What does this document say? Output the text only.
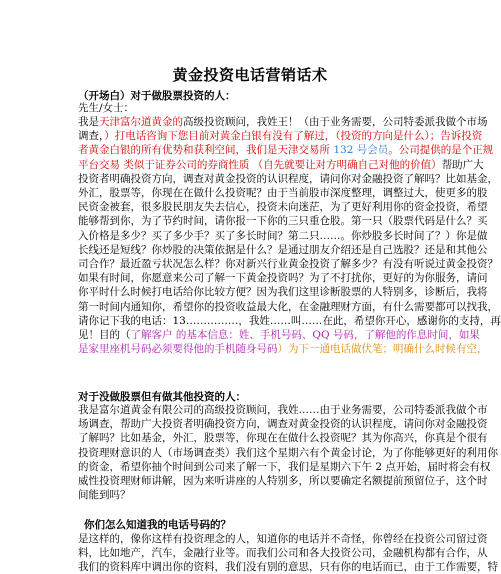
黄金投资电话营销话术
（开场白）对于做股票投资的人：
先生/女士：
我是天津富尔道黄金的高级投资顾问，我姓王！（由于业务需要，公司特委派我做个市场
调查，）打电话咨询下您目前对黄金白银有没有了解过，（投资的方向是什么）；告诉投资
者黄金白银的所有优势和获利空间，我们是天津交易所 132 号会员。公司提供的是个正规
平台交易 类似于证券公司的券商性质 （自先就要让对方明确自己对他的价值）帮助广大
投资者明确投资方向，调查对黄金投资的认识程度，请问你对金融投资了解吗？比如基金，
外汇，股票等，你现在在做什么投资呢？由于当前股市深度整理，调整过大，使更多的股
民资金被套，很多股民朋友失去信心，投资未向迷茫，为了更好利用你的资金投资，希望
能够帮到你，为了节约时间，请你报一下你的三只重仓股。第一只（股票代码是什么？买
入价格是多少？买了多少手？买了多长时间？第二只……。你炒股多长时间了？）你是做
长线还是短线？你炒股的决策依据是什么？是通过朋友介绍还是自己选股？还是和其他公
司合作？最近盈亏状况怎么样？你对新兴行业黄金投资了解多少？有没有听说过黄金投资？
如果有时间，你愿意来公司了解一下黄金投资吗？为了不打扰你，更好的为你服务，请问
你平时什么时候打电话给你比较方便？因为我们这里诊断股票的人特别多，诊断后，我将
第一时间内通知你，希望你的投资收益最大化，在金融理财方面，有什么需要都可以找我，
请你记下我的电话：13……………，我姓……叫……在此，希望你开心，感谢你的支持，再
见！目的（了解客户 的基本信息：姓、手机号码、QQ 号码，了解他的作息时间，如果
是家里座机号码必须要得他的手机随身号码）为下一通电话做伏笔；明确什么时候有空，
对于没做股票但有做其他投资的人：
我是富尔道黄金有限公司的高级投资顾问，我姓……由于业务需要，公司特委派我做个市
场调查，帮助广大投资者明确投资方向，调查对黄金投资的认识程度，请问你对金融投资
了解吗？比如基金，外汇，股票等，你现在在做什么投资呢？其为你高兴，你真是个很有
投资理财意识的人（市场调查类）我们这个星期六有个黄金讨论，为了你能够更好的利用你
的资金，希望你抽个时间到公司来了解一下，我们是星期六下午 2 点开始，届时将会有权
威性投资理财师讲解，因为来听讲座的人特别多，所以要确定名额提前预留位子，这个时
间能到吗？
你们怎么知道我的电话号码的？
是这样的，像你这样有投资理念的人，知道你的电话并不奇怪，你曾经在投资公司留过资
料，比如地产，汽车，金融行业等。而我们公司和各大投资公司，金融机构都有合作，从
我们的资料库中调出你的资料，我们没有别的意思，只有你的电话而已，由于工作需要，特
